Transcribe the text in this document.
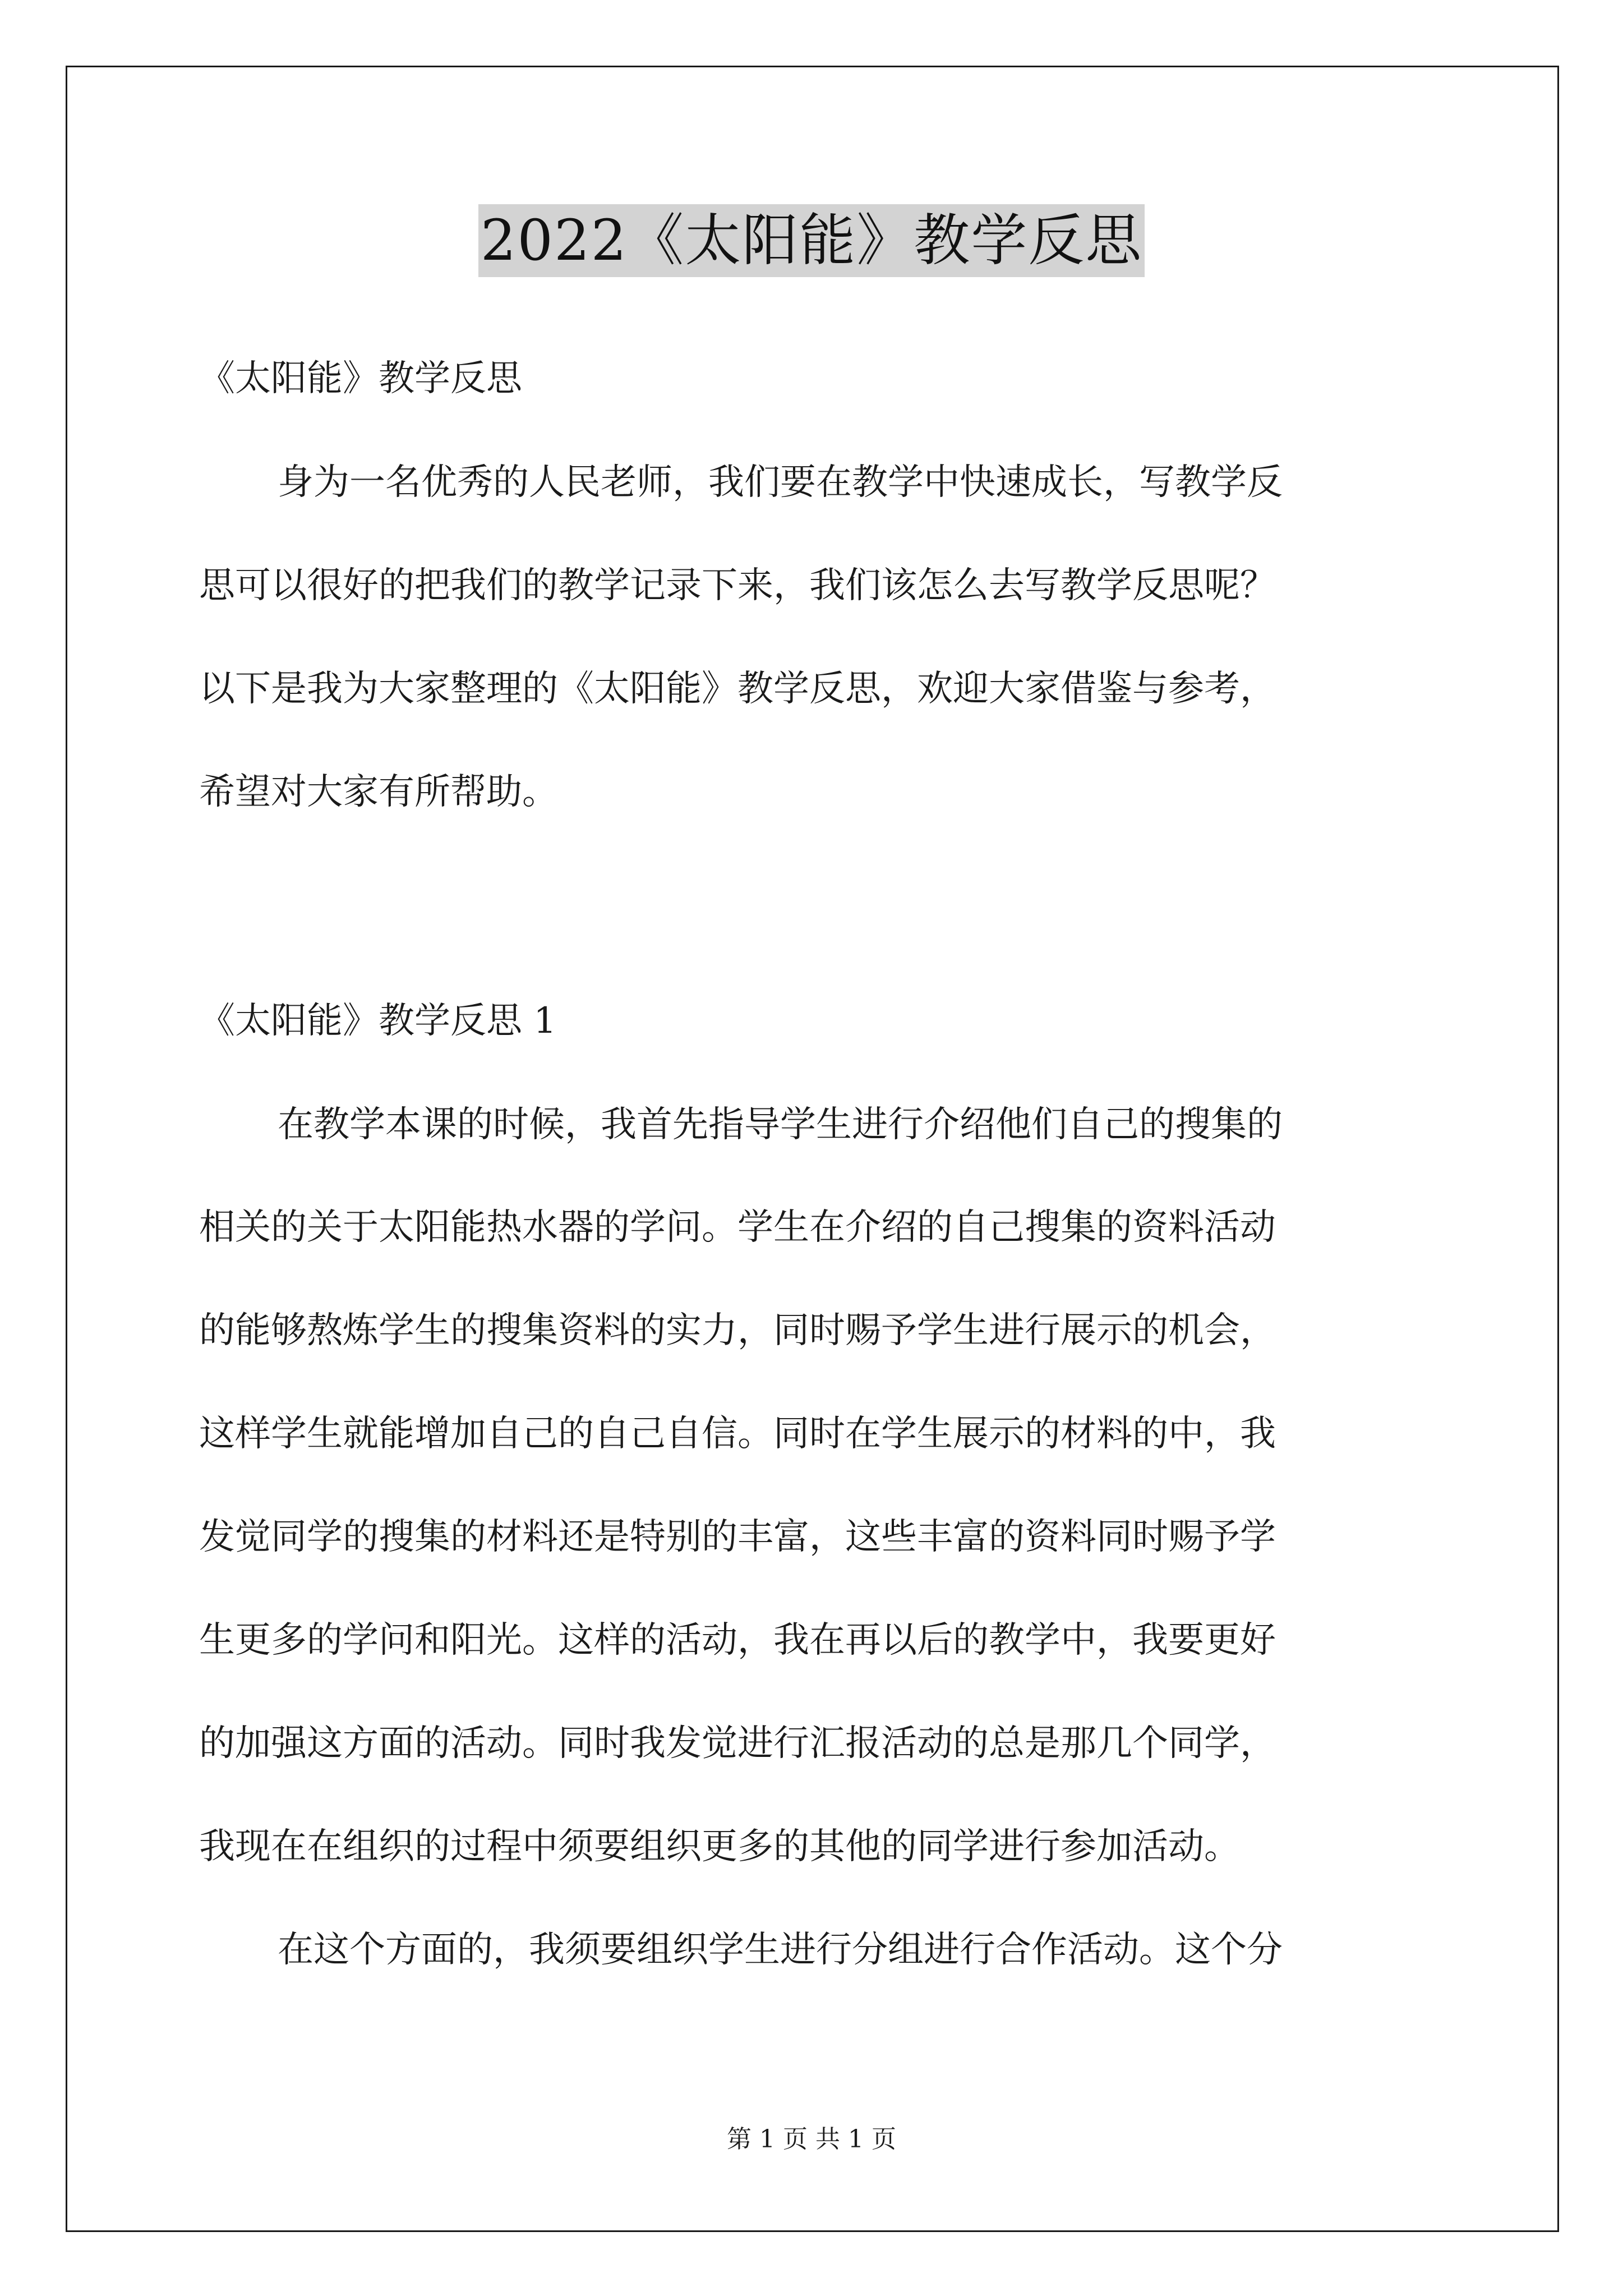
2022《太阳能》教学反思
《太阳能》教学反思
身为一名优秀的人民老师，我们要在教学中快速成长，写教学反
思可以很好的把我们的教学记录下来，我们该怎么去写教学反思呢？
以下是我为大家整理的《太阳能》教学反思，欢迎大家借鉴与参考，
希望对大家有所帮助。
《太阳能》教学反思 1
在教学本课的时候，我首先指导学生进行介绍他们自己的搜集的
相关的关于太阳能热水器的学问。学生在介绍的自己搜集的资料活动
的能够熬炼学生的搜集资料的实力，同时赐予学生进行展示的机会，
这样学生就能增加自己的自己自信。同时在学生展示的材料的中，我
发觉同学的搜集的材料还是特别的丰富，这些丰富的资料同时赐予学
生更多的学问和阳光。这样的活动，我在再以后的教学中，我要更好
的加强这方面的活动。同时我发觉进行汇报活动的总是那几个同学，
我现在在组织的过程中须要组织更多的其他的同学进行参加活动。
在这个方面的，我须要组织学生进行分组进行合作活动。这个分
第 1 页 共 1 页
